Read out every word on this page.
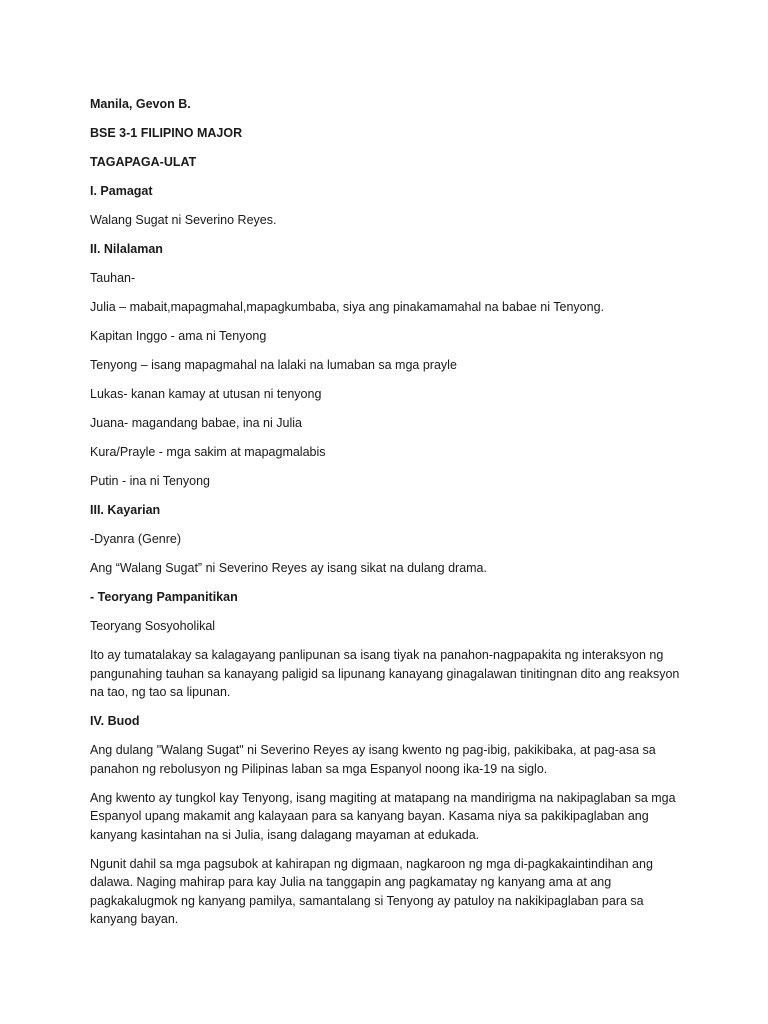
Manila, Gevon B.
BSE 3-1 FILIPINO MAJOR
TAGAPAGA-ULAT
I. Pamagat
Walang Sugat ni Severino Reyes.
II. Nilalaman
Tauhan-
Julia – mabait,mapagmahal,mapagkumbaba, siya ang pinakamamahal na babae ni Tenyong.
Kapitan Inggo - ama ni Tenyong
Tenyong – isang mapagmahal na lalaki na lumaban sa mga prayle
Lukas- kanan kamay at utusan ni tenyong
Juana- magandang babae, ina ni Julia
Kura/Prayle - mga sakim at mapagmalabis
Putin - ina ni Tenyong
III. Kayarian
-Dyanra (Genre)
Ang “Walang Sugat” ni Severino Reyes ay isang sikat na dulang drama.
- Teoryang Pampanitikan
Teoryang Sosyoholikal
Ito ay tumatalakay sa kalagayang panlipunan sa isang tiyak na panahon-nagpapakita ng interaksyon ng pangunahing tauhan sa kanayang paligid sa lipunang kanayang ginagalawan tinitingnan dito ang reaksyon na tao, ng tao sa lipunan.
IV. Buod
Ang dulang "Walang Sugat" ni Severino Reyes ay isang kwento ng pag-ibig, pakikibaka, at pag-asa sa panahon ng rebolusyon ng Pilipinas laban sa mga Espanyol noong ika-19 na siglo.
Ang kwento ay tungkol kay Tenyong, isang magiting at matapang na mandirigma na nakipaglaban sa mga Espanyol upang makamit ang kalayaan para sa kanyang bayan. Kasama niya sa pakikipaglaban ang kanyang kasintahan na si Julia, isang dalagang mayaman at edukada.
Ngunit dahil sa mga pagsubok at kahirapan ng digmaan, nagkaroon ng mga di-pagkakaintindihan ang dalawa. Naging mahirap para kay Julia na tanggapin ang pagkamatay ng kanyang ama at ang pagkakalugmok ng kanyang pamilya, samantalang si Tenyong ay patuloy na nakikipaglaban para sa kanyang bayan.
